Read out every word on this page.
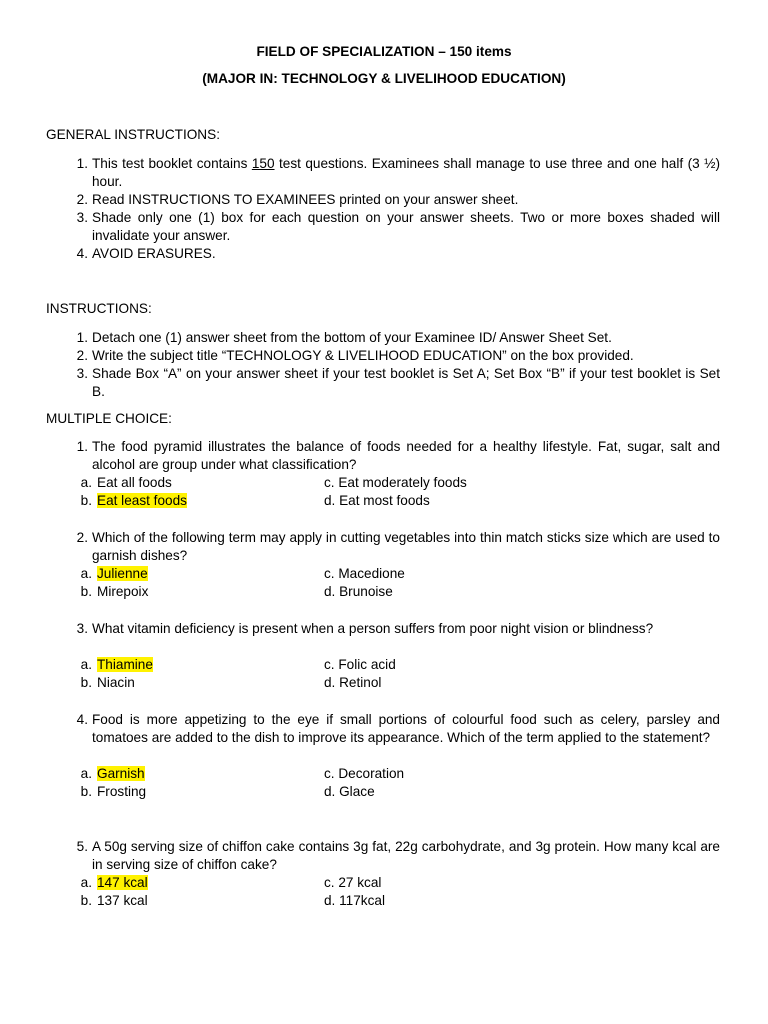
FIELD OF SPECIALIZATION – 150 items
(MAJOR IN: TECHNOLOGY & LIVELIHOOD EDUCATION)
GENERAL INSTRUCTIONS:
1. This test booklet contains 150 test questions. Examinees shall manage to use three and one half (3 ½) hour.
2. Read INSTRUCTIONS TO EXAMINEES printed on your answer sheet.
3. Shade only one (1) box for each question on your answer sheets. Two or more boxes shaded will invalidate your answer.
4. AVOID ERASURES.
INSTRUCTIONS:
1. Detach one (1) answer sheet from the bottom of your Examinee ID/ Answer Sheet Set.
2. Write the subject title “TECHNOLOGY & LIVELIHOOD EDUCATION” on the box provided.
3. Shade Box “A” on your answer sheet if your test booklet is Set A; Set Box “B” if your test booklet is Set B.
MULTIPLE CHOICE:
1. The food pyramid illustrates the balance of foods needed for a healthy lifestyle. Fat, sugar, salt and alcohol are group under what classification?
a. Eat all foods
b. Eat least foods
c. Eat moderately foods
d. Eat most foods
2. Which of the following term may apply in cutting vegetables into thin match sticks size which are used to garnish dishes?
a. Julienne
b. Mirepoix
c. Macedione
d. Brunoise
3. What vitamin deficiency is present when a person suffers from poor night vision or blindness?
a. Thiamine
b. Niacin
c. Folic acid
d. Retinol
4. Food is more appetizing to the eye if small portions of colourful food such as celery, parsley and tomatoes are added to the dish to improve its appearance. Which of the term applied to the statement?
a. Garnish
b. Frosting
c. Decoration
d. Glace
5. A 50g serving size of chiffon cake contains 3g fat, 22g carbohydrate, and 3g protein. How many kcal are in serving size of chiffon cake?
a. 147 kcal
b. 137 kcal
c. 27 kcal
d. 117kcal
